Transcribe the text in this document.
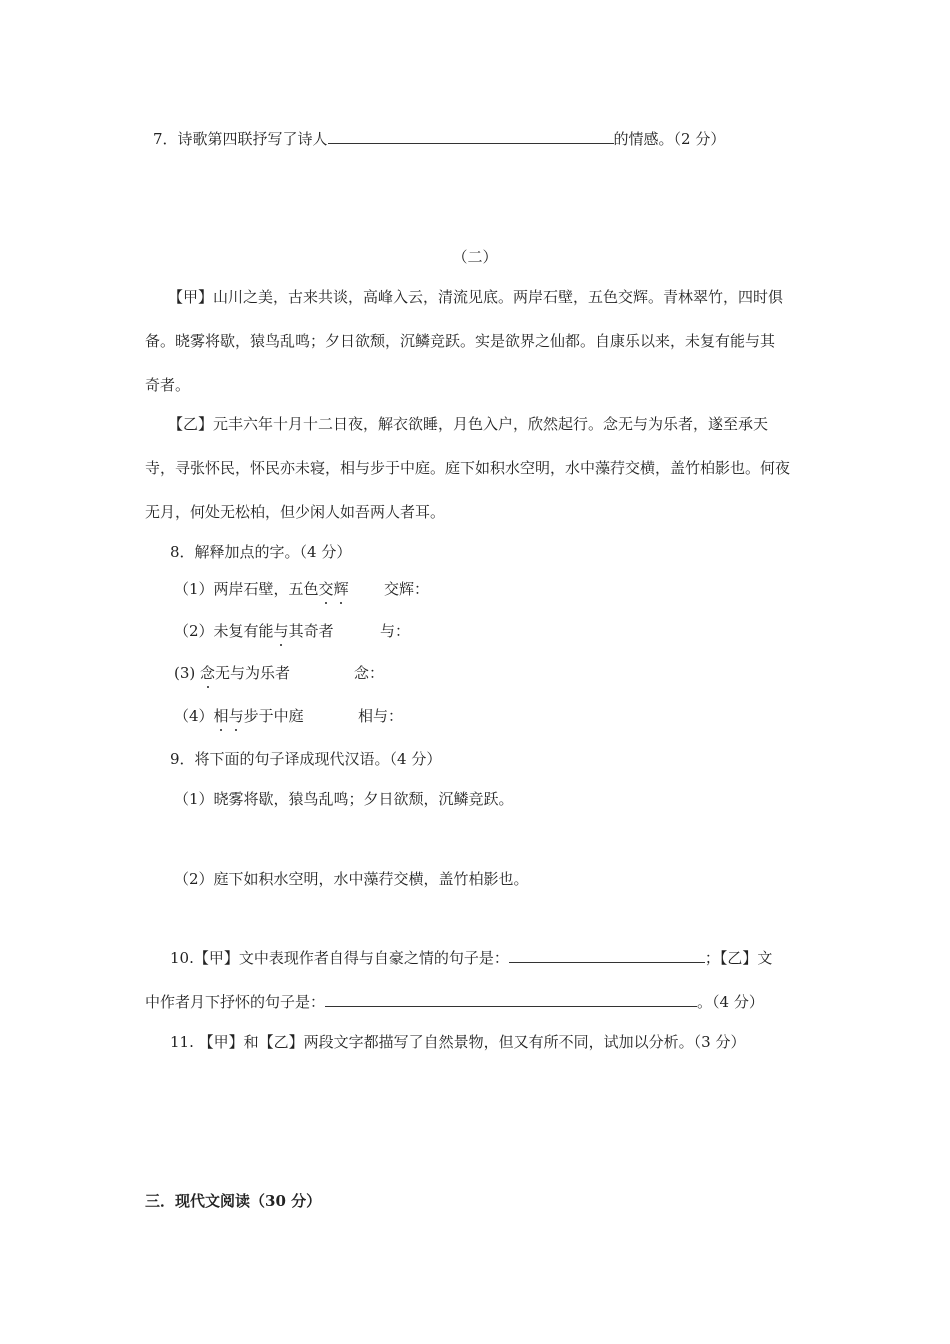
7．诗歌第四联抒写了诗人	的情感。（2 分）
（二）
【甲】山川之美，古来共谈，高峰入云，清流见底。两岸石壁，五色交辉。青林翠竹，四时俱
备。晓雾将歇，猿鸟乱鸣；夕日欲颓，沉鳞竞跃。实是欲界之仙都。自康乐以来，未复有能与其
奇者。
【乙】元丰六年十月十二日夜，解衣欲睡，月色入户，欣然起行。念无与为乐者，遂至承天
寺，寻张怀民，怀民亦未寝，相与步于中庭。庭下如积水空明，水中藻荇交横，盖竹柏影也。何夜
无月，何处无松柏，但少闲人如吾两人者耳。
8．解释加点的字。（4 分）
（1）两岸石壁，五色交辉 交辉：
（2）未复有能与其奇者	与：
(3) 念无与为乐者	念：
（4）相与步于中庭	相与：
9．将下面的句子译成现代汉语。（4 分）
（1）晓雾将歇，猿鸟乱鸣；夕日欲颓，沉鳞竞跃。
（2）庭下如积水空明，水中藻荇交横，盖竹柏影也。
10.【甲】文中表现作者自得与自豪之情的句子是：	；【乙】文
中作者月下抒怀的句子是：	。（4 分）
11. 【甲】和【乙】两段文字都描写了自然景物，但又有所不同，试加以分析。（3 分）
三．现代文阅读（30 分）
